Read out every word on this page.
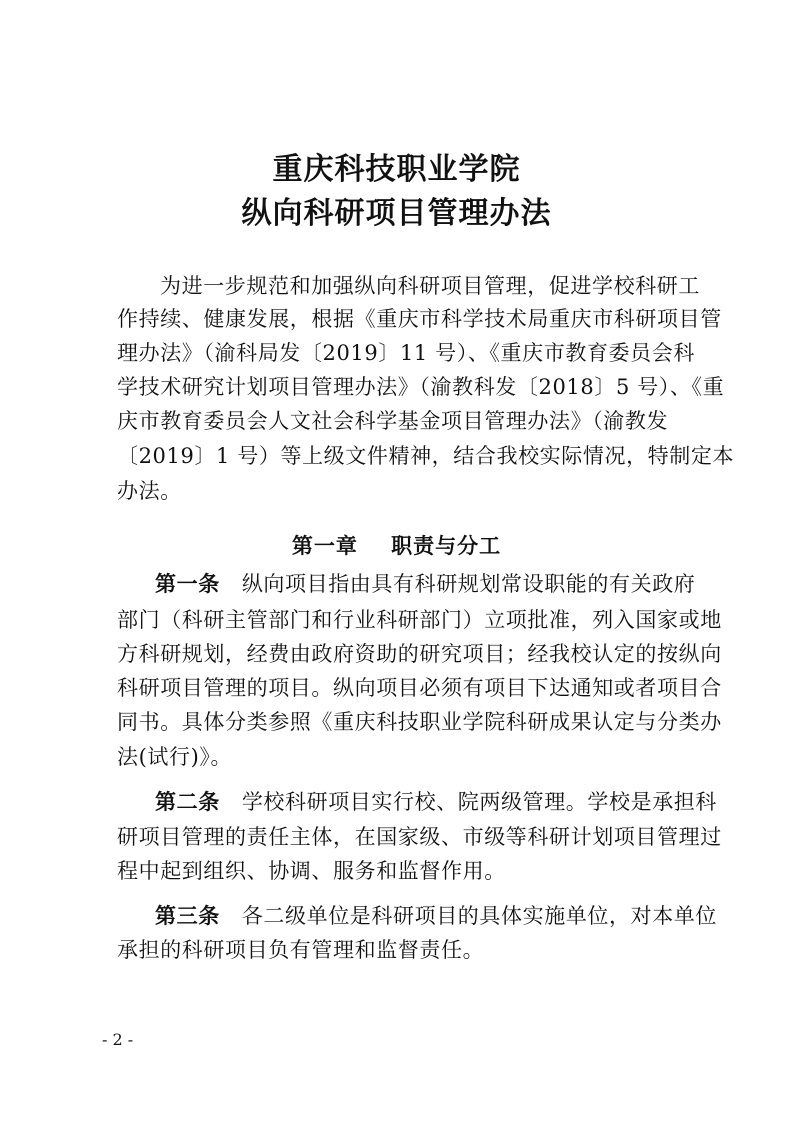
重庆科技职业学院
纵向科研项目管理办法
为进一步规范和加强纵向科研项目管理，促进学校科研工
作持续、健康发展，根据《重庆市科学技术局重庆市科研项目管
理办法》（渝科局发〔2019〕11 号）、《重庆市教育委员会科
学技术研究计划项目管理办法》（渝教科发〔2018〕5 号）、《重
庆市教育委员会人文社会科学基金项目管理办法》（渝教发
〔2019〕1 号）等上级文件精神，结合我校实际情况，特制定本
办法。
第一章    职责与分工
第一条 纵向项目指由具有科研规划常设职能的有关政府
部门（科研主管部门和行业科研部门）立项批准，列入国家或地
方科研规划，经费由政府资助的研究项目；经我校认定的按纵向
科研项目管理的项目。纵向项目必须有项目下达通知或者项目合
同书。具体分类参照《重庆科技职业学院科研成果认定与分类办
法(试行)》。
第二条 学校科研项目实行校、院两级管理。学校是承担科
研项目管理的责任主体，在国家级、市级等科研计划项目管理过
程中起到组织、协调、服务和监督作用。
第三条 各二级单位是科研项目的具体实施单位，对本单位
承担的科研项目负有管理和监督责任。
- 2 -
